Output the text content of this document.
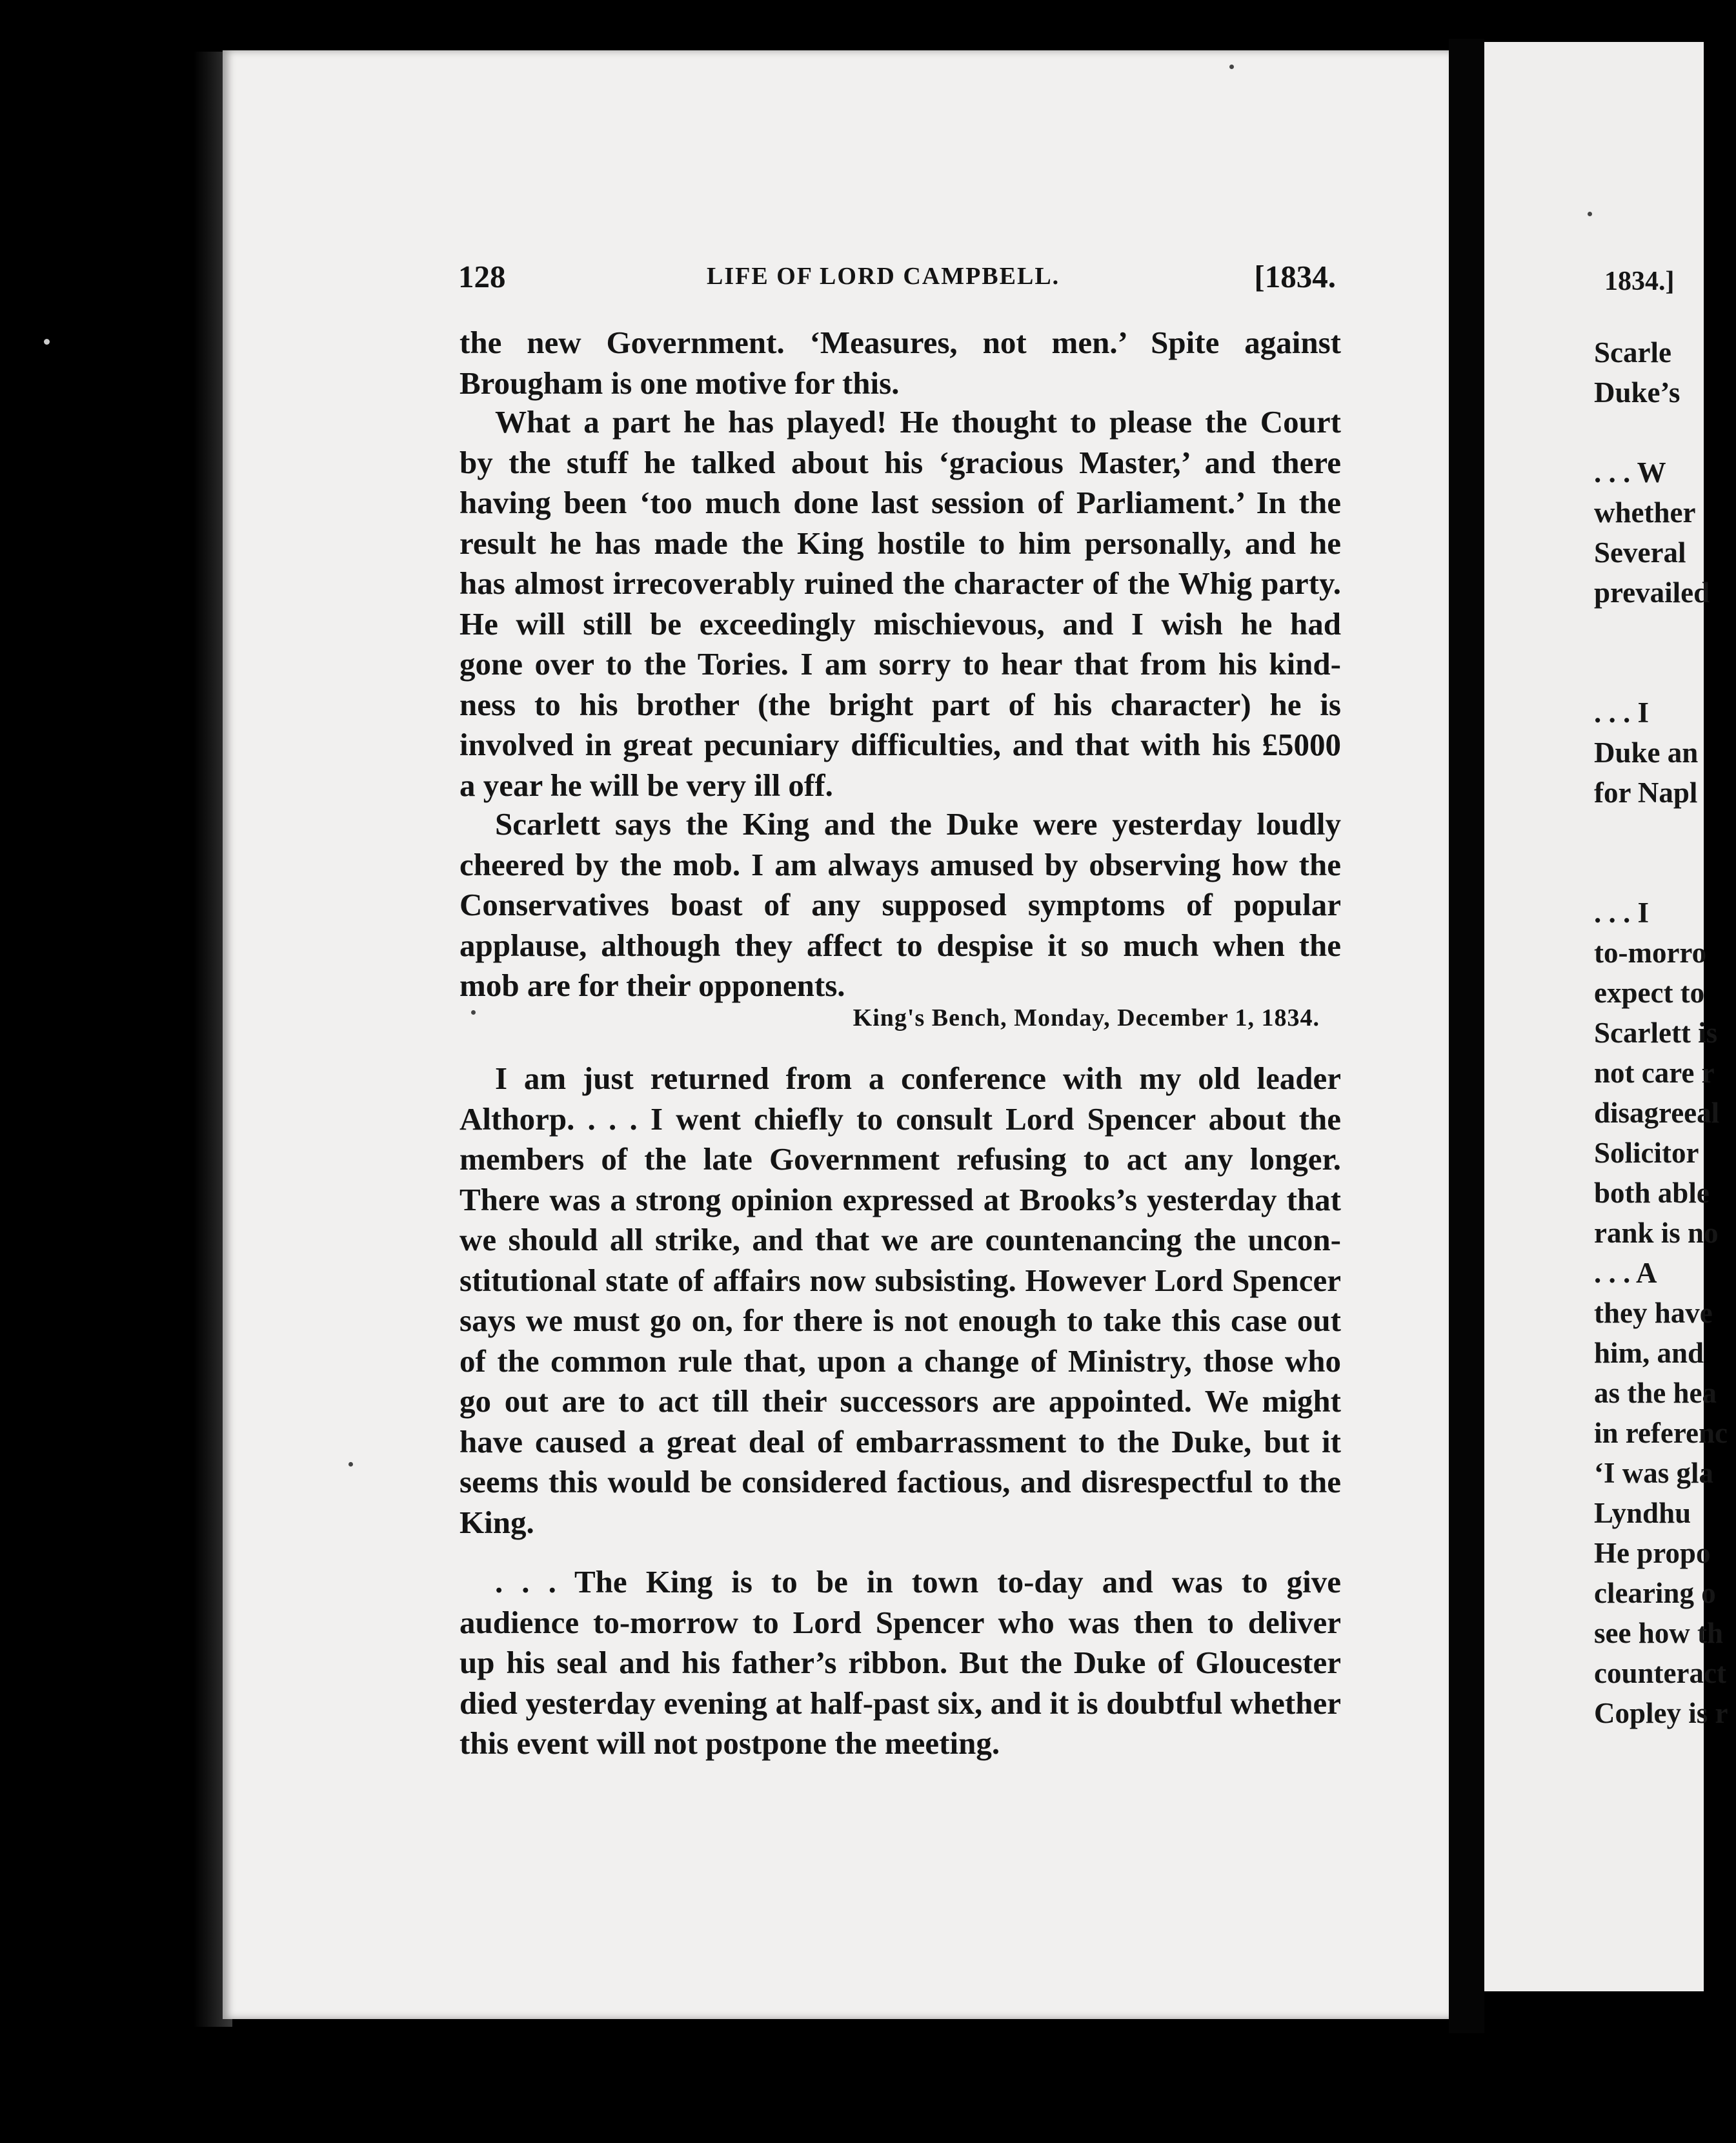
128	LIFE OF LORD CAMPBELL.	[1834.
the new Government. ‘Measures, not men.’ Spite against
Brougham is one motive for this.
What a part he has played! He thought to please the Court
by the stuff he talked about his ‘gracious Master,’ and there
having been ‘too much done last session of Parliament.’ In the
result he has made the King hostile to him personally, and he
has almost irrecoverably ruined the character of the Whig party.
He will still be exceedingly mischievous, and I wish he had
gone over to the Tories. I am sorry to hear that from his kind-
ness to his brother (the bright part of his character) he is
involved in great pecuniary difficulties, and that with his £5000
a year he will be very ill off.
Scarlett says the King and the Duke were yesterday loudly
cheered by the mob. I am always amused by observing how the
Conservatives boast of any supposed symptoms of popular
applause, although they affect to despise it so much when the
mob are for their opponents.
King's Bench, Monday, December 1, 1834.
I am just returned from a conference with my old leader
Althorp. . . . I went chiefly to consult Lord Spencer about the
members of the late Government refusing to act any longer.
There was a strong opinion expressed at Brooks’s yesterday that
we should all strike, and that we are countenancing the uncon-
stitutional state of affairs now subsisting. However Lord Spencer
says we must go on, for there is not enough to take this case out
of the common rule that, upon a change of Ministry, those who
go out are to act till their successors are appointed. We might
have caused a great deal of embarrassment to the Duke, but it
seems this would be considered factious, and disrespectful to the
King.
. . . The King is to be in town to-day and was to give
audience to-morrow to Lord Spencer who was then to deliver
up his seal and his father’s ribbon. But the Duke of Gloucester
died yesterday evening at half-past six, and it is doubtful whether
this event will not postpone the meeting.
1834.]
Scarle
Duke’s
. . . W
whether
Several
prevailed
. . . I
Duke an
for Napl
. . . I
to-morro
expect to
Scarlett is
not care r
disagreeal
Solicitor
both able
rank is no
. . . A
they have
him, and
as the hea
in referenc
‘I was gla
Lyndhu
He propo
clearing o
see how th
counteract
Copley is r
